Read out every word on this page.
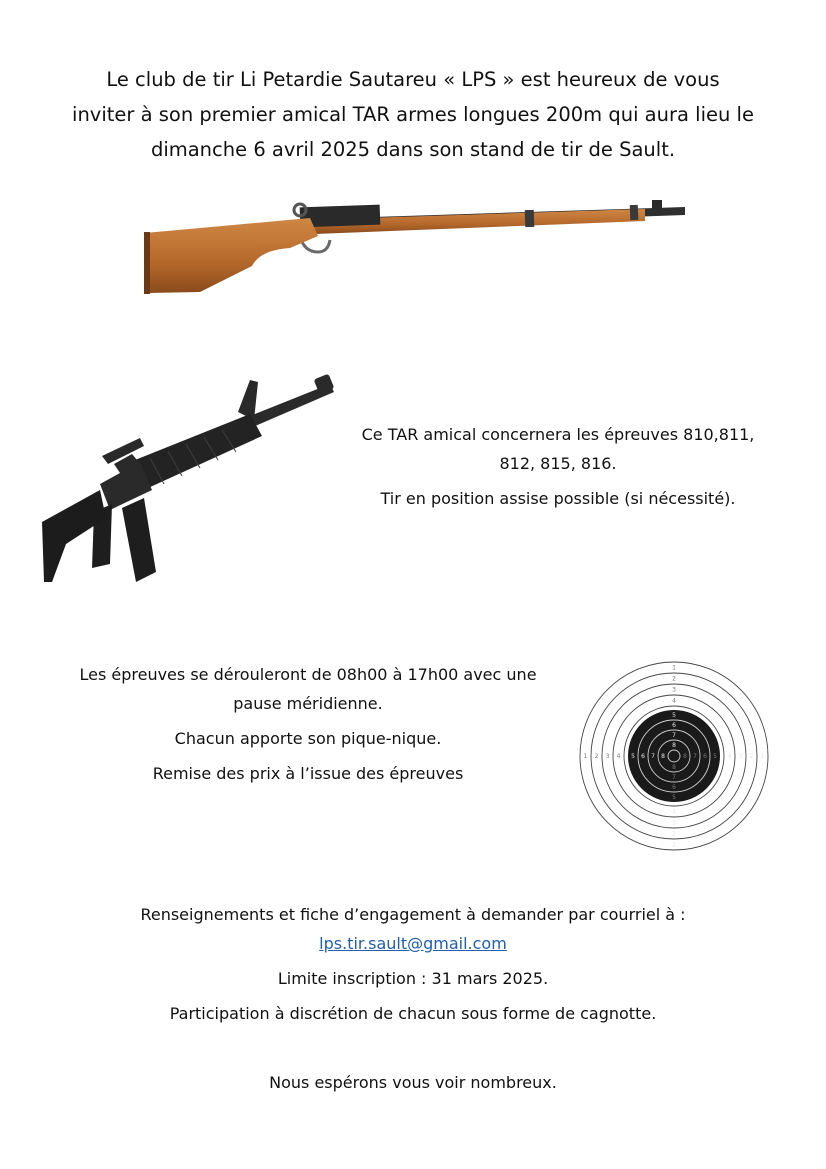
Le club de tir Li Petardie Sautareu « LPS » est heureux de vous
inviter à son premier amical TAR armes longues 200m qui aura lieu le
dimanche 6 avril 2025 dans son stand de tir de Sault.

Ce TAR amical concernera les épreuves 810,811,

812, 815, 816.

Tir en position assise possible (si nécessité).

Les épreuves se dérouleront de 08h00 à 17h00 avec une

pause méridienne.

Chacun apporte son pique-nique.

Remise des prix à l’issue des épreuves

1
2
3
4
5
6
7
8
8
7
6
5
4
3
2
1
1 2 3 4 5 6 7 8	8 7 6 5 4 3 2 1

Renseignements et fiche d’engagement à demander par courriel à :

lps.tir.sault@gmail.com

Limite inscription : 31 mars 2025.

Participation à discrétion de chacun sous forme de cagnotte.

Nous espérons vous voir nombreux.
